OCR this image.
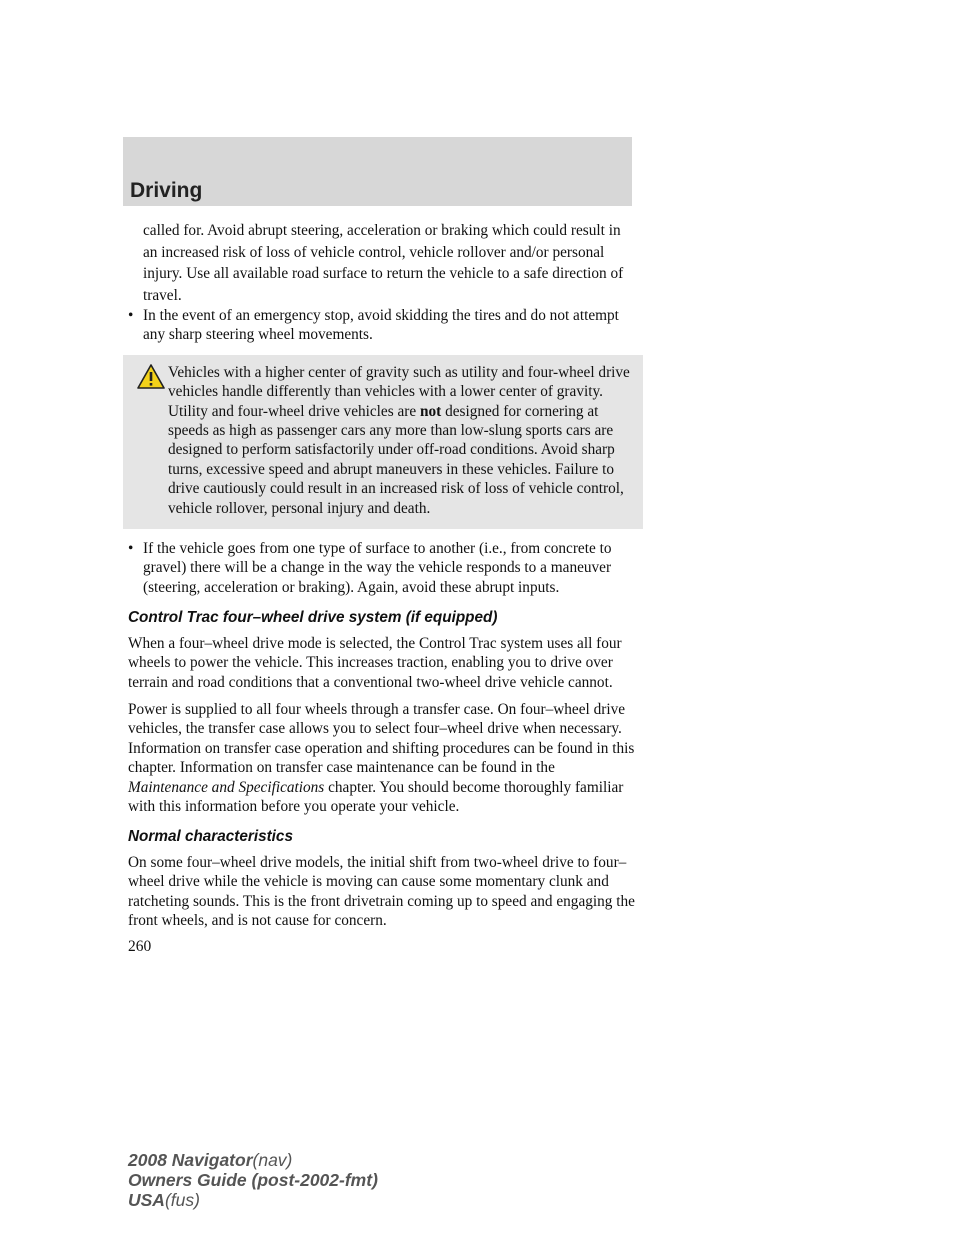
Driving

called for. Avoid abrupt steering, acceleration or braking which could result in an increased risk of loss of vehicle control, vehicle rollover and/or personal injury. Use all available road surface to return the vehicle to a safe direction of travel.

• In the event of an emergency stop, avoid skidding the tires and do not attempt any sharp steering wheel movements.

Vehicles with a higher center of gravity such as utility and four-wheel drive vehicles handle differently than vehicles with a lower center of gravity. Utility and four-wheel drive vehicles are not designed for cornering at speeds as high as passenger cars any more than low-slung sports cars are designed to perform satisfactorily under off-road conditions. Avoid sharp turns, excessive speed and abrupt maneuvers in these vehicles. Failure to drive cautiously could result in an increased risk of loss of vehicle control, vehicle rollover, personal injury and death.

• If the vehicle goes from one type of surface to another (i.e., from concrete to gravel) there will be a change in the way the vehicle responds to a maneuver (steering, acceleration or braking). Again, avoid these abrupt inputs.
Control Trac four–wheel drive system (if equipped)

When a four–wheel drive mode is selected, the Control Trac system uses all four wheels to power the vehicle. This increases traction, enabling you to drive over terrain and road conditions that a conventional two-wheel drive vehicle cannot.

Power is supplied to all four wheels through a transfer case. On four–wheel drive vehicles, the transfer case allows you to select four–wheel drive when necessary. Information on transfer case operation and shifting procedures can be found in this chapter. Information on transfer case maintenance can be found in the Maintenance and Specifications chapter. You should become thoroughly familiar with this information before you operate your vehicle.

Normal characteristics

On some four–wheel drive models, the initial shift from two-wheel drive to four–wheel drive while the vehicle is moving can cause some momentary clunk and ratcheting sounds. This is the front drivetrain coming up to speed and engaging the front wheels, and is not cause for concern.

260
2008 Navigator(nav)
Owners Guide (post-2002-fmt)
USA(fus)
